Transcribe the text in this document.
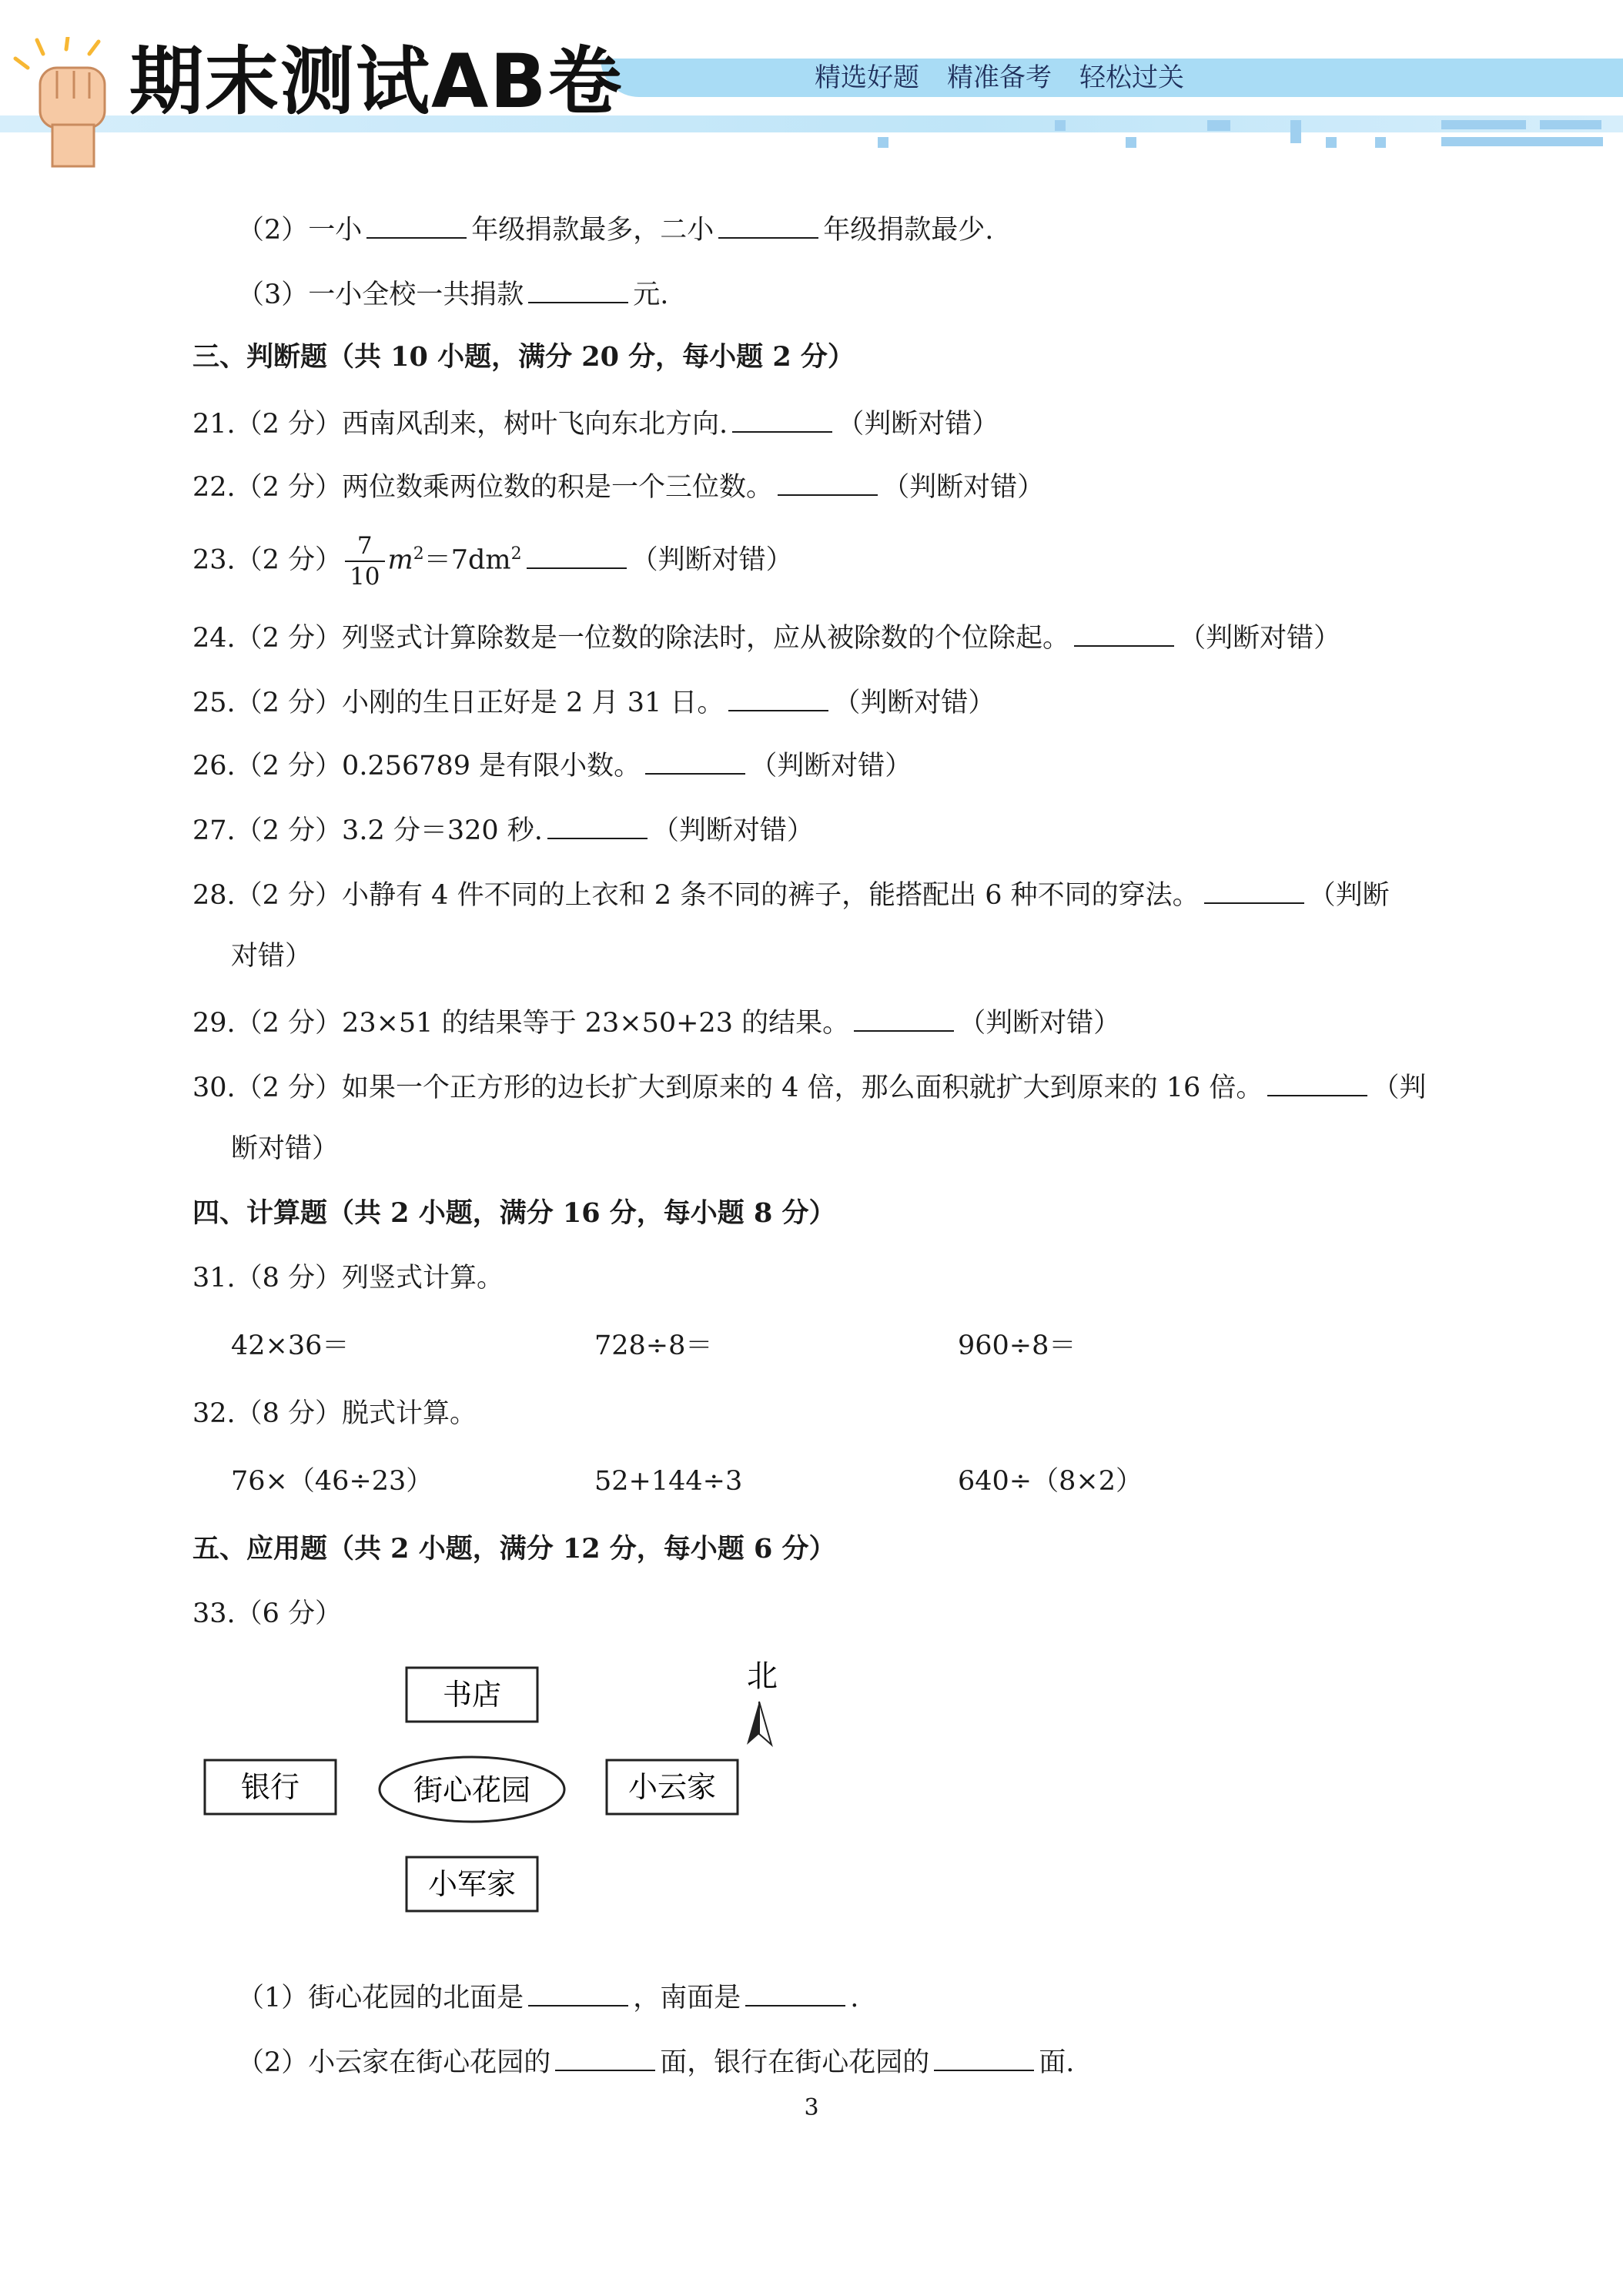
期末测试AB卷	精选好题 精准备考 轻松过关
（2）一小	年级捐款最多，二小	年级捐款最少.
（3）一小全校一共捐款	元.
三、判断题（共 10 小题，满分 20 分，每小题 2 分）
21.（2 分）西南风刮来，树叶飞向东北方向.	（判断对错）
22.（2 分）两位数乘两位数的积是一个三位数。	（判断对错）
23.（2 分） $\frac{7}{10} m^2=7dm^2$	（判断对错）
24.（2 分）列竖式计算除数是一位数的除法时，应从被除数的个位除起。	（判断对错）
25.（2 分）小刚的生日正好是 2 月 31 日。	（判断对错）
26.（2 分）0.256789 是有限小数。	（判断对错）
27.（2 分）3.2 分＝320 秒.	（判断对错）
28.（2 分）小静有 4 件不同的上衣和 2 条不同的裤子，能搭配出 6 种不同的穿法。	（判断
对错）
29.（2 分）23×51 的结果等于 23×50+23 的结果。	（判断对错）
30.（2 分）如果一个正方形的边长扩大到原来的 4 倍，那么面积就扩大到原来的 16 倍。	（判
断对错）
四、计算题（共 2 小题，满分 16 分，每小题 8 分）
31.（8 分）列竖式计算。
42×36＝	728÷8＝	960÷8＝
32.（8 分）脱式计算。
76×（46÷23）	52+144÷3	640÷（8×2）
五、应用题（共 2 小题，满分 12 分，每小题 6 分）
33.（6 分）
书店
银行	街心花园	小云家
小军家
北
（1）街心花园的北面是	，南面是	.
（2）小云家在街心花园的	面，银行在街心花园的	面.
3
